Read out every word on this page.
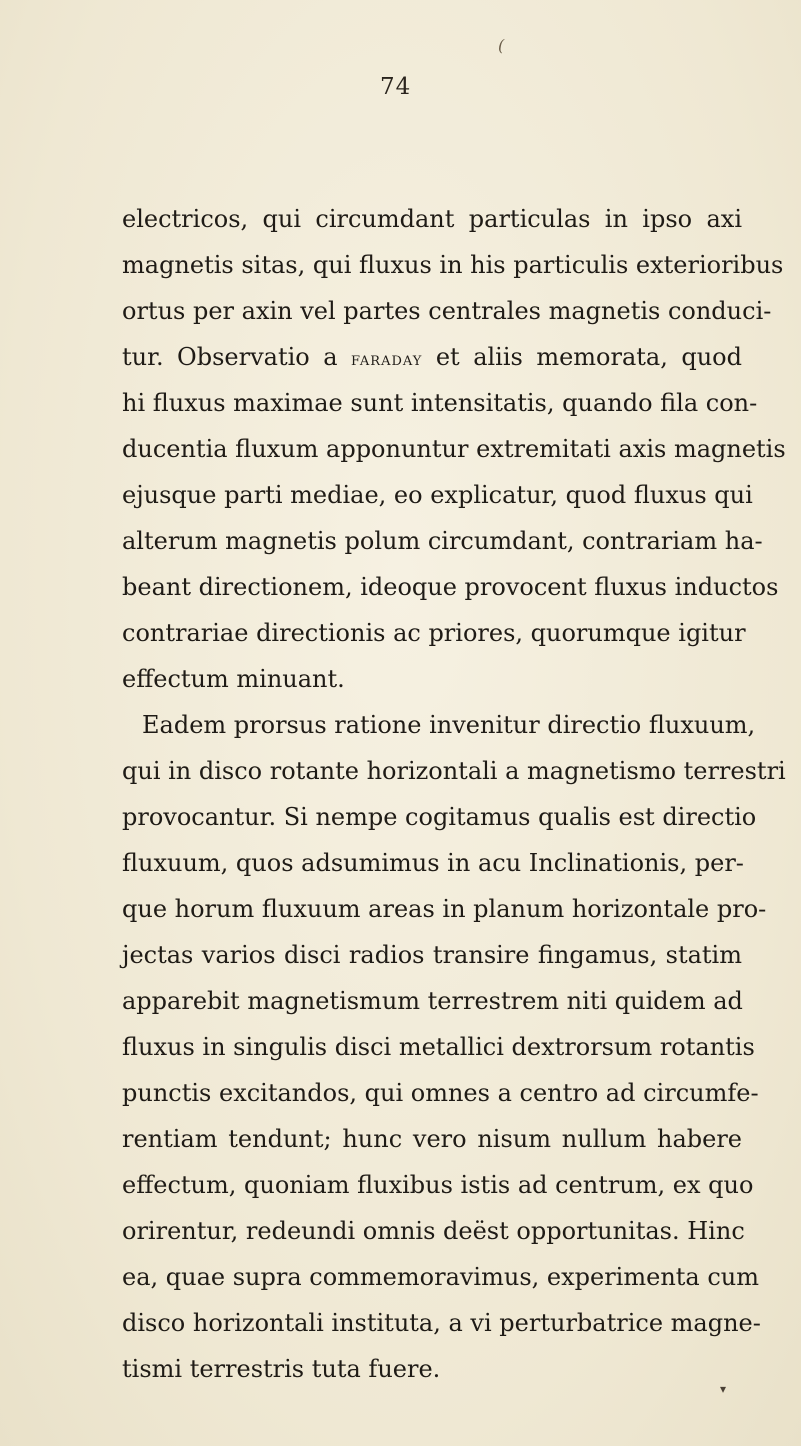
(
74
electricos, qui circumdant particulas in ipso axi
magnetis sitas, qui fluxus in his particulis exterioribus
ortus per axin vel partes centrales magnetis conduci-
tur. Observatio a faraday et aliis memorata, quod
hi fluxus maximae sunt intensitatis, quando fila con-
ducentia fluxum apponuntur extremitati axis magnetis
ejusque parti mediae, eo explicatur, quod fluxus qui
alterum magnetis polum circumdant, contrariam ha-
beant directionem, ideoque provocent fluxus inductos
contrariae directionis ac priores, quorumque igitur
effectum minuant.
Eadem prorsus ratione invenitur directio fluxuum,
qui in disco rotante horizontali a magnetismo terrestri
provocantur. Si nempe cogitamus qualis est directio
fluxuum, quos adsumimus in acu Inclinationis, per-
que horum fluxuum areas in planum horizontale pro-
jectas varios disci radios transire fingamus, statim
apparebit magnetismum terrestrem niti quidem ad
fluxus in singulis disci metallici dextrorsum rotantis
punctis excitandos, qui omnes a centro ad circumfe-
rentiam tendunt; hunc vero nisum nullum habere
effectum, quoniam fluxibus istis ad centrum, ex quo
orirentur, redeundi omnis deëst opportunitas. Hinc
ea, quae supra commemoravimus, experimenta cum
disco horizontali instituta, a vi perturbatrice magne-
tismi terrestris tuta fuere.
▾
